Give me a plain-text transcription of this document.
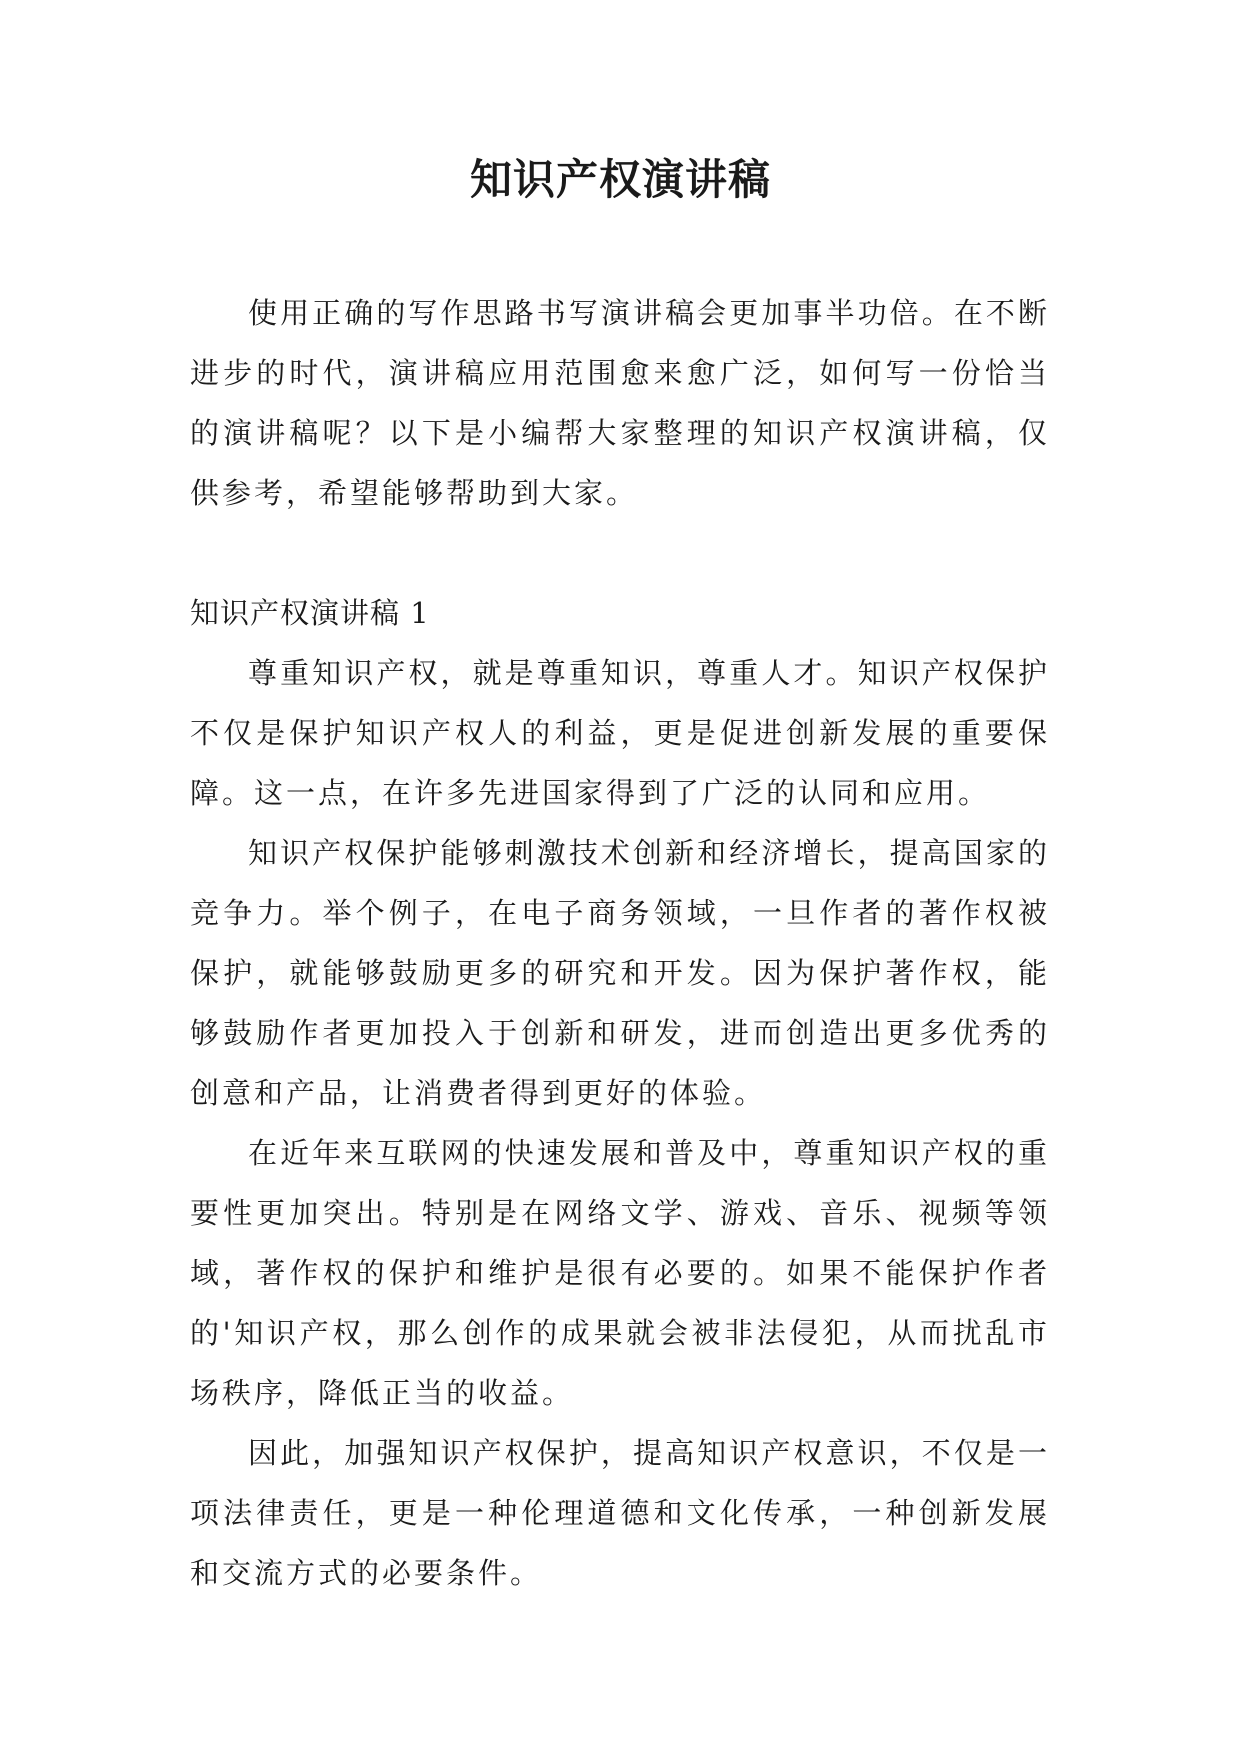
知识产权演讲稿

使用正确的写作思路书写演讲稿会更加事半功倍。在不断进步的时代，演讲稿应用范围愈来愈广泛，如何写一份恰当的演讲稿呢？以下是小编帮大家整理的知识产权演讲稿，仅供参考，希望能够帮助到大家。

知识产权演讲稿 1

尊重知识产权，就是尊重知识，尊重人才。知识产权保护不仅是保护知识产权人的利益，更是促进创新发展的重要保障。这一点，在许多先进国家得到了广泛的认同和应用。

知识产权保护能够刺激技术创新和经济增长，提高国家的竞争力。举个例子，在电子商务领域，一旦作者的著作权被保护，就能够鼓励更多的研究和开发。因为保护著作权，能够鼓励作者更加投入于创新和研发，进而创造出更多优秀的创意和产品，让消费者得到更好的体验。

在近年来互联网的快速发展和普及中，尊重知识产权的重要性更加突出。特别是在网络文学、游戏、音乐、视频等领域，著作权的保护和维护是很有必要的。如果不能保护作者的'知识产权，那么创作的成果就会被非法侵犯，从而扰乱市场秩序，降低正当的收益。

因此，加强知识产权保护，提高知识产权意识，不仅是一项法律责任，更是一种伦理道德和文化传承，一种创新发展和交流方式的必要条件。
